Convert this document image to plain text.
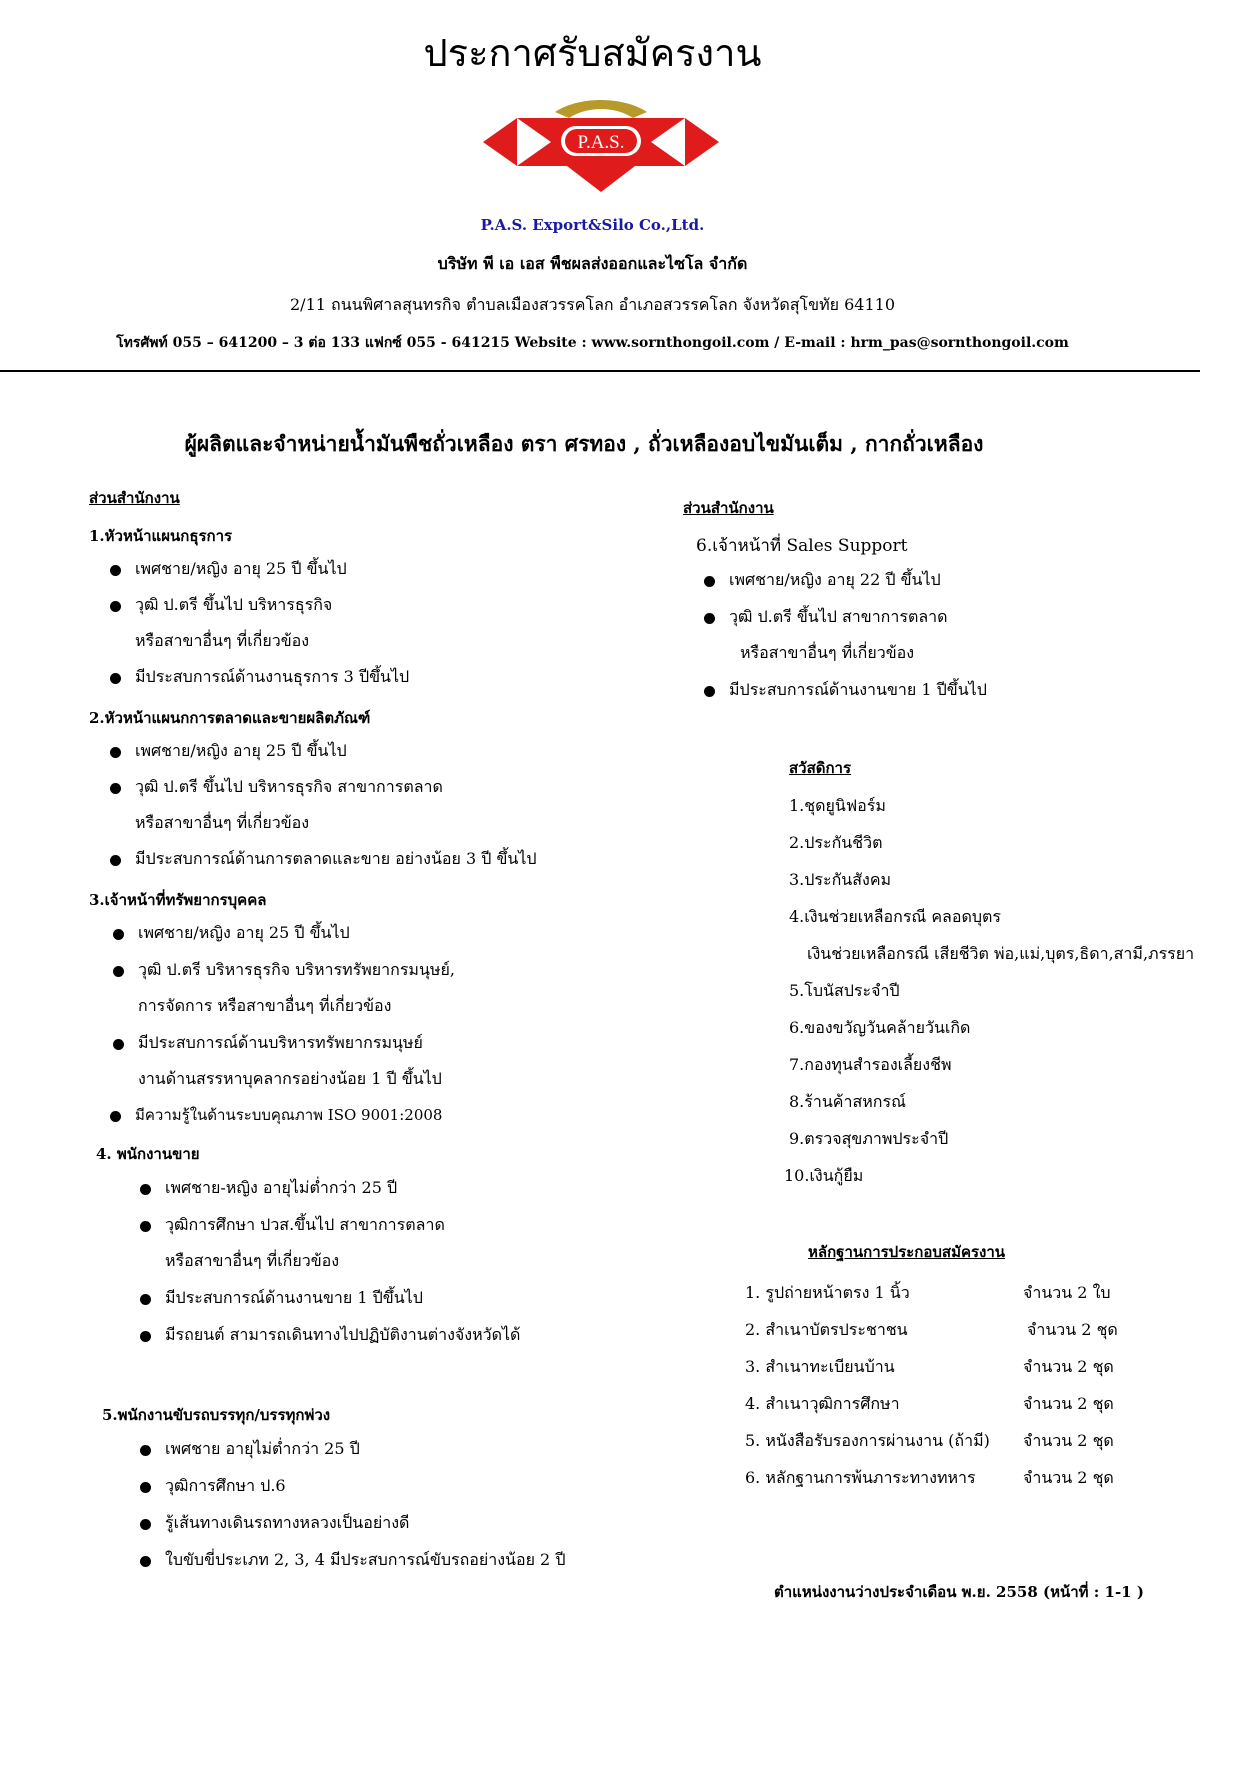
ประกาศรับสมัครงาน
P.A.S.
P.A.S. Export&Silo Co.,Ltd.
บริษัท พี เอ เอส พืชผลส่งออกและไซโล จำกัด
2/11 ถนนพิศาลสุนทรกิจ ตำบลเมืองสวรรคโลก อำเภอสวรรคโลก จังหวัดสุโขทัย 64110
โทรศัพท์ 055 – 641200 – 3 ต่อ 133 แฟกซ์ 055 - 641215 Website : www.sornthongoil.com / E-mail : hrm_pas@sornthongoil.com
ผู้ผลิตและจำหน่ายน้ำมันพืชถั่วเหลือง ตรา ศรทอง , ถั่วเหลืองอบไขมันเต็ม , กากถั่วเหลือง
ส่วนสำนักงาน
1.หัวหน้าแผนกธุรการ
เพศชาย/หญิง อายุ 25 ปี ขึ้นไป
วุฒิ ป.ตรี ขึ้นไป บริหารธุรกิจ
หรือสาขาอื่นๆ ที่เกี่ยวข้อง
มีประสบการณ์ด้านงานธุรการ 3 ปีขึ้นไป
2.หัวหน้าแผนกการตลาดและขายผลิตภัณฑ์
เพศชาย/หญิง อายุ 25 ปี ขึ้นไป
วุฒิ ป.ตรี ขึ้นไป บริหารธุรกิจ สาขาการตลาด
หรือสาขาอื่นๆ ที่เกี่ยวข้อง
มีประสบการณ์ด้านการตลาดและขาย อย่างน้อย 3 ปี ขึ้นไป
3.เจ้าหน้าที่ทรัพยากรบุคคล
เพศชาย/หญิง อายุ 25 ปี ขึ้นไป
วุฒิ ป.ตรี บริหารธุรกิจ บริหารทรัพยากรมนุษย์,
การจัดการ หรือสาขาอื่นๆ ที่เกี่ยวข้อง
มีประสบการณ์ด้านบริหารทรัพยากรมนุษย์
งานด้านสรรหาบุคลากรอย่างน้อย 1 ปี ขึ้นไป
มีความรู้ในด้านระบบคุณภาพ ISO 9001:2008
4. พนักงานขาย
เพศชาย-หญิง อายุไม่ต่ำกว่า 25 ปี
วุฒิการศึกษา ปวส.ขึ้นไป สาขาการตลาด
หรือสาขาอื่นๆ ที่เกี่ยวข้อง
มีประสบการณ์ด้านงานขาย 1 ปีขึ้นไป
มีรถยนต์ สามารถเดินทางไปปฏิบัติงานต่างจังหวัดได้
5.พนักงานขับรถบรรทุก/บรรทุกพ่วง
เพศชาย อายุไม่ต่ำกว่า 25 ปี
วุฒิการศึกษา ป.6
รู้เส้นทางเดินรถทางหลวงเป็นอย่างดี
ใบขับขี่ประเภท 2, 3, 4 มีประสบการณ์ขับรถอย่างน้อย 2 ปี
ส่วนสำนักงาน
6.เจ้าหน้าที่ Sales Support
เพศชาย/หญิง อายุ 22 ปี ขึ้นไป
วุฒิ ป.ตรี ขึ้นไป สาขาการตลาด
หรือสาขาอื่นๆ ที่เกี่ยวข้อง
มีประสบการณ์ด้านงานขาย 1 ปีขึ้นไป
สวัสดิการ
1.ชุดยูนิฟอร์ม
2.ประกันชีวิต
3.ประกันสังคม
4.เงินช่วยเหลือกรณี คลอดบุตร
เงินช่วยเหลือกรณี เสียชีวิต พ่อ,แม่,บุตร,ธิดา,สามี,ภรรยา
5.โบนัสประจำปี
6.ของขวัญวันคล้ายวันเกิด
7.กองทุนสำรองเลี้ยงชีพ
8.ร้านค้าสหกรณ์
9.ตรวจสุขภาพประจำปี
10.เงินกู้ยืม
หลักฐานการประกอบสมัครงาน
1. รูปถ่ายหน้าตรง 1 นิ้ว	จำนวน 2 ใบ
2. สำเนาบัตรประชาชน	จำนวน 2 ชุด
3. สำเนาทะเบียนบ้าน	จำนวน 2 ชุด
4. สำเนาวุฒิการศึกษา	จำนวน 2 ชุด
5. หนังสือรับรองการผ่านงาน (ถ้ามี) จำนวน 2 ชุด
6. หลักฐานการพ้นภาระทางทหาร	จำนวน 2 ชุด
ตำแหน่งงานว่างประจำเดือน พ.ย. 2558 (หน้าที่ : 1-1 )
